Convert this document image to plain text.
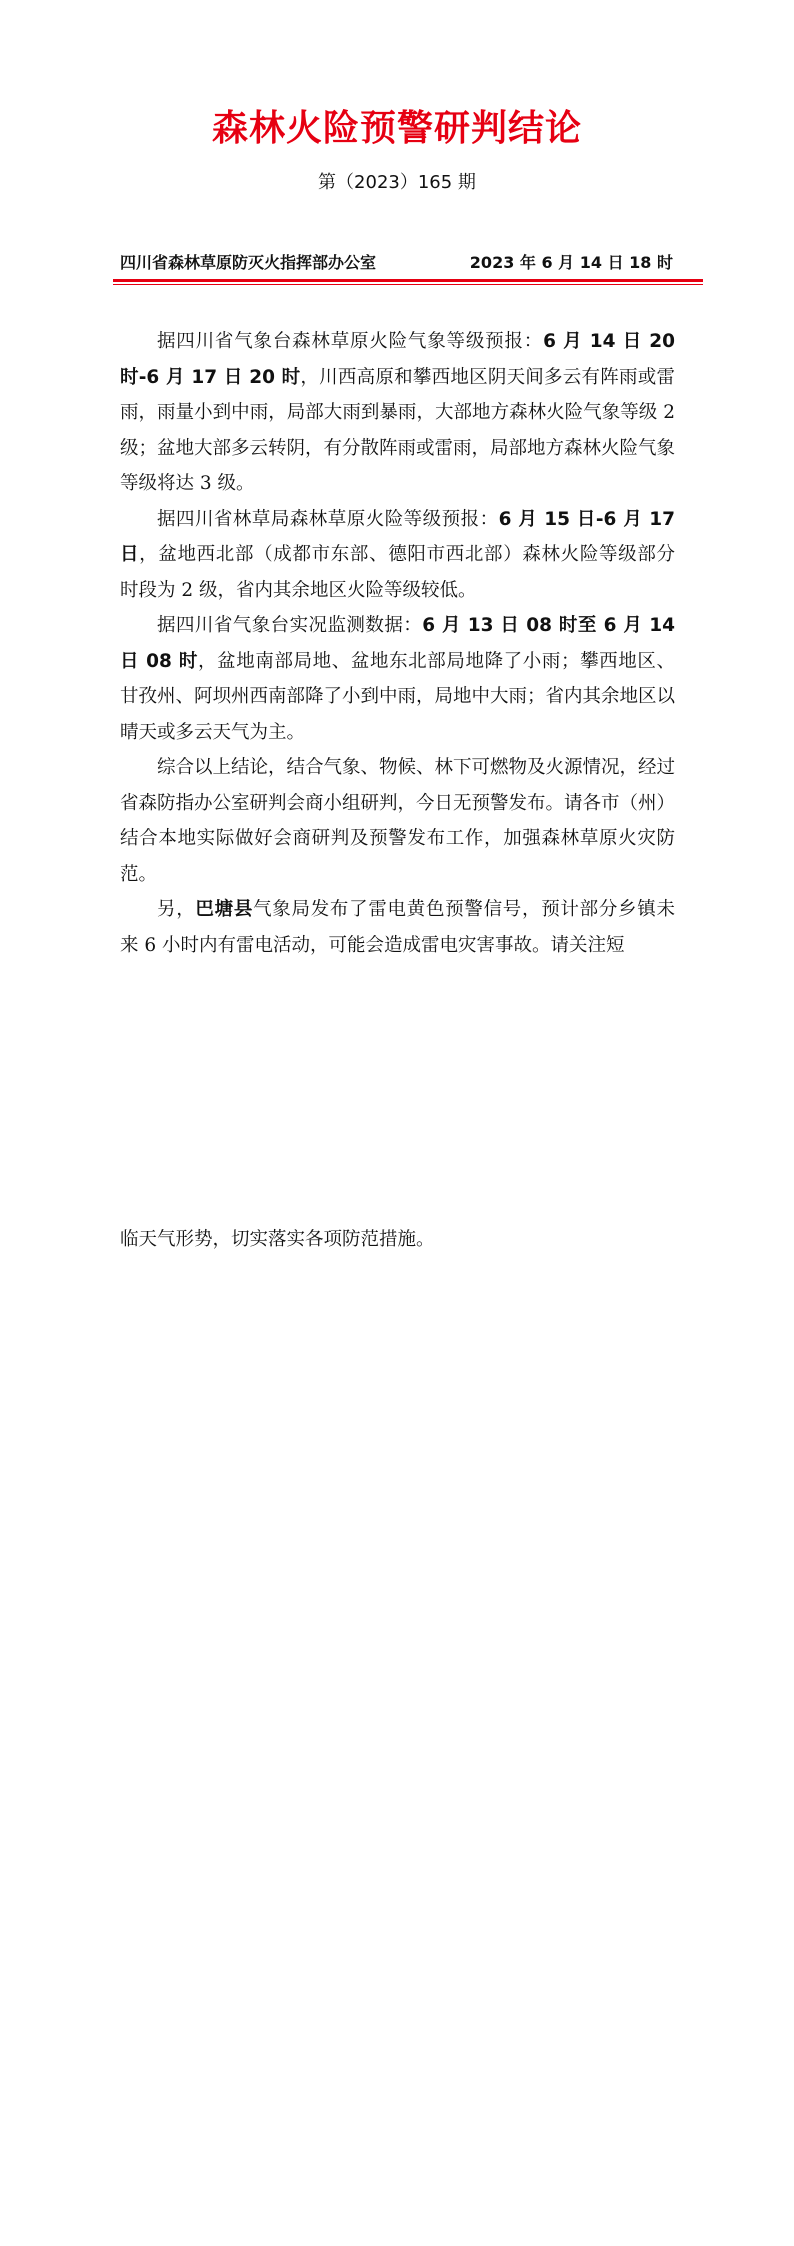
森林火险预警研判结论
第（2023）165 期
四川省森林草原防灭火指挥部办公室	2023 年 6 月 14 日 18 时

据四川省气象台森林草原火险气象等级预报：6 月 14 日 20 时-6 月 17 日 20 时，川西高原和攀西地区阴天间多云有阵雨或雷雨，雨量小到中雨，局部大雨到暴雨，大部地方森林火险气象等级 2 级；盆地大部多云转阴，有分散阵雨或雷雨，局部地方森林火险气象等级将达 3 级。

据四川省林草局森林草原火险等级预报：6 月 15 日-6 月 17 日，盆地西北部（成都市东部、德阳市西北部）森林火险等级部分时段为 2 级，省内其余地区火险等级较低。

据四川省气象台实况监测数据：6 月 13 日 08 时至 6 月 14 日 08 时，盆地南部局地、盆地东北部局地降了小雨；攀西地区、甘孜州、阿坝州西南部降了小到中雨，局地中大雨；省内其余地区以晴天或多云天气为主。

综合以上结论，结合气象、物候、林下可燃物及火源情况，经过省森防指办公室研判会商小组研判，今日无预警发布。请各市（州）结合本地实际做好会商研判及预警发布工作，加强森林草原火灾防范。

另，巴塘县气象局发布了雷电黄色预警信号，预计部分乡镇未来 6 小时内有雷电活动，可能会造成雷电灾害事故。请关注短

临天气形势，切实落实各项防范措施。
